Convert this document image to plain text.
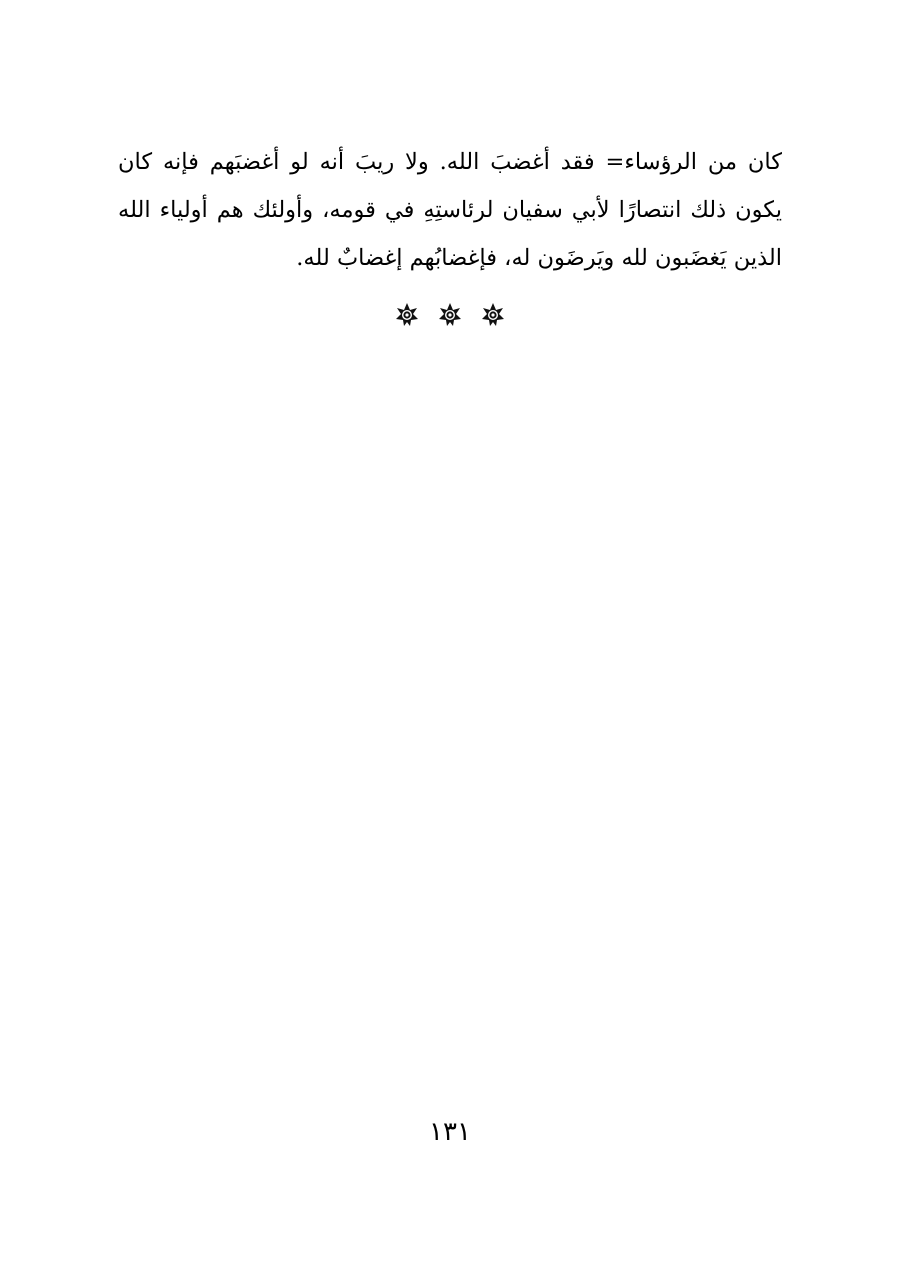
كان من الرؤساء= فقد أغضبَ الله. ولا ريبَ أنه لو أغضبَهم فإنه كان
يكون ذلك انتصارًا لأبي سفيان لرئاستِهِ في قومه، وأولئك هم أولياء الله
الذين يَغضَبون لله ويَرضَون له، فإغضابُهم إغضابٌ لله.

١٣١
